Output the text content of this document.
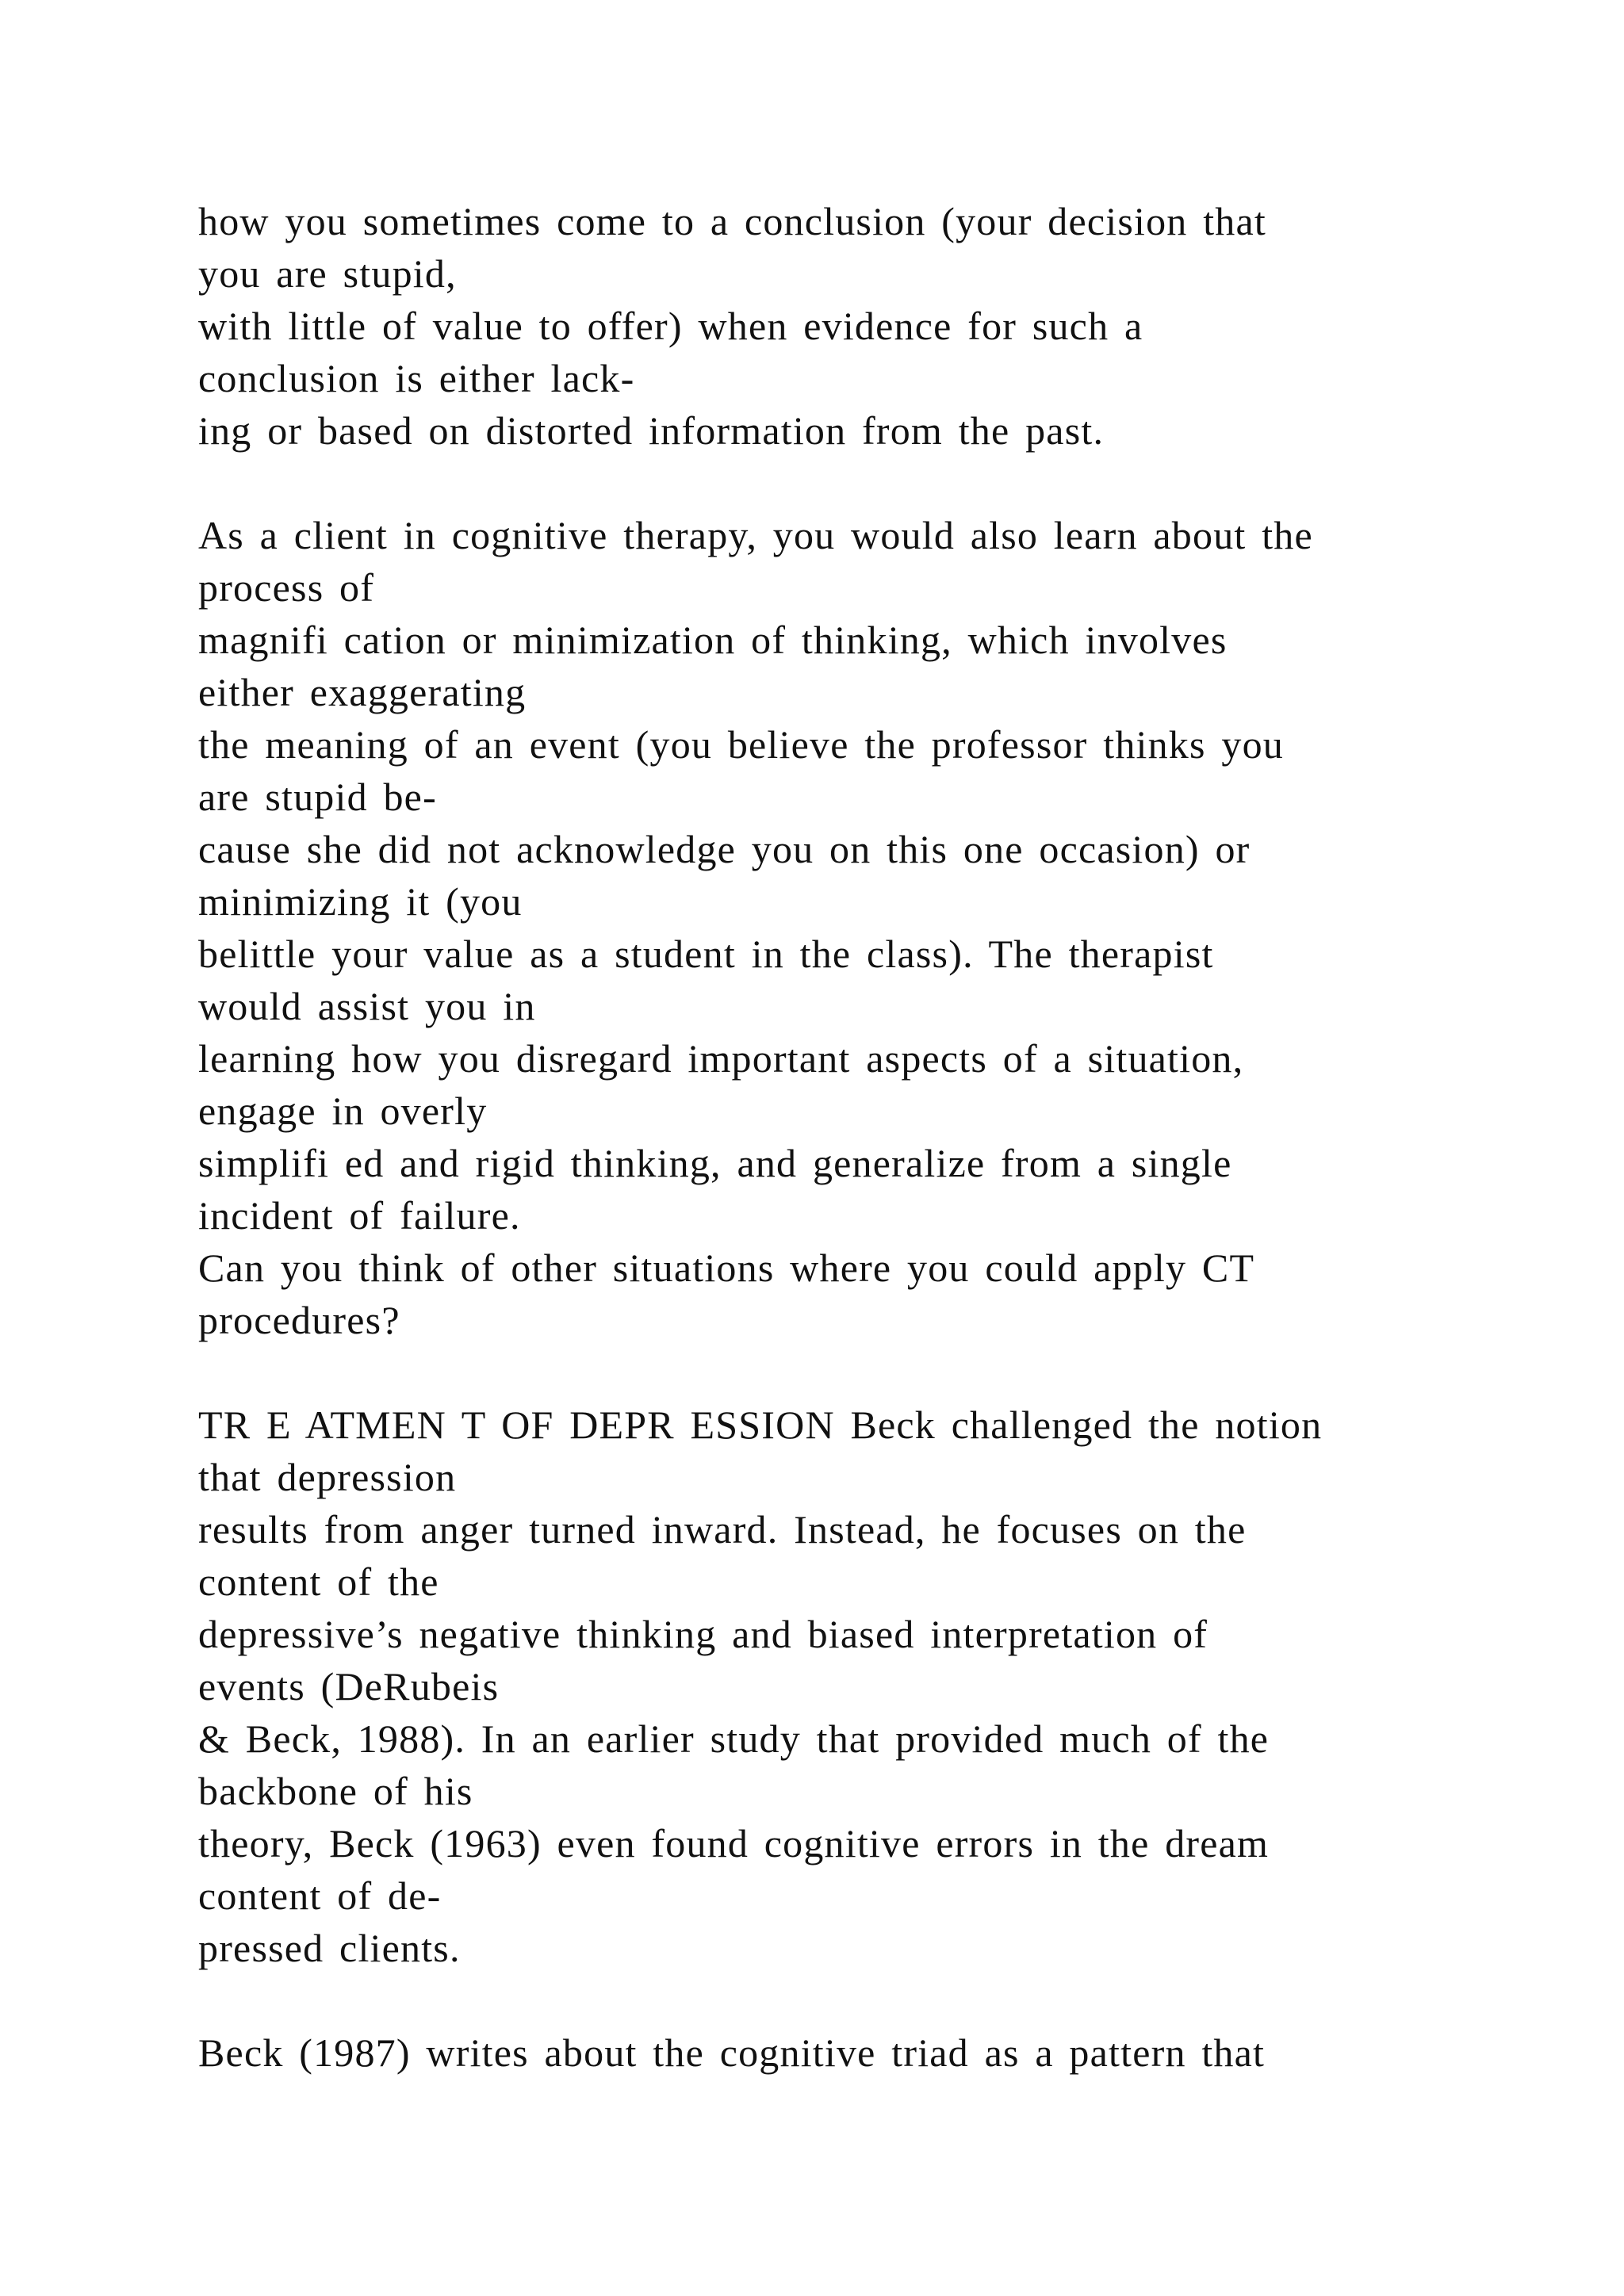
how you sometimes come to a conclusion (your decision that
you are stupid,
with little of value to offer) when evidence for such a
conclusion is either lack-
ing or based on distorted information from the past.
As a client in cognitive therapy, you would also learn about the
process of
magnifi cation or minimization of thinking, which involves
either exaggerating
the meaning of an event (you believe the professor thinks you
are stupid be-
cause she did not acknowledge you on this one occasion) or
minimizing it (you
belittle your value as a student in the class). The therapist
would assist you in
learning how you disregard important aspects of a situation,
engage in overly
simplifi ed and rigid thinking, and generalize from a single
incident of failure.
Can you think of other situations where you could apply CT
procedures?
TR E ATMEN T OF DEPR ESSION Beck challenged the notion
that depression
results from anger turned inward. Instead, he focuses on the
content of the
depressive’s negative thinking and biased interpretation of
events (DeRubeis
& Beck, 1988). In an earlier study that provided much of the
backbone of his
theory, Beck (1963) even found cognitive errors in the dream
content of de-
pressed clients.
Beck (1987) writes about the cognitive triad as a pattern that
